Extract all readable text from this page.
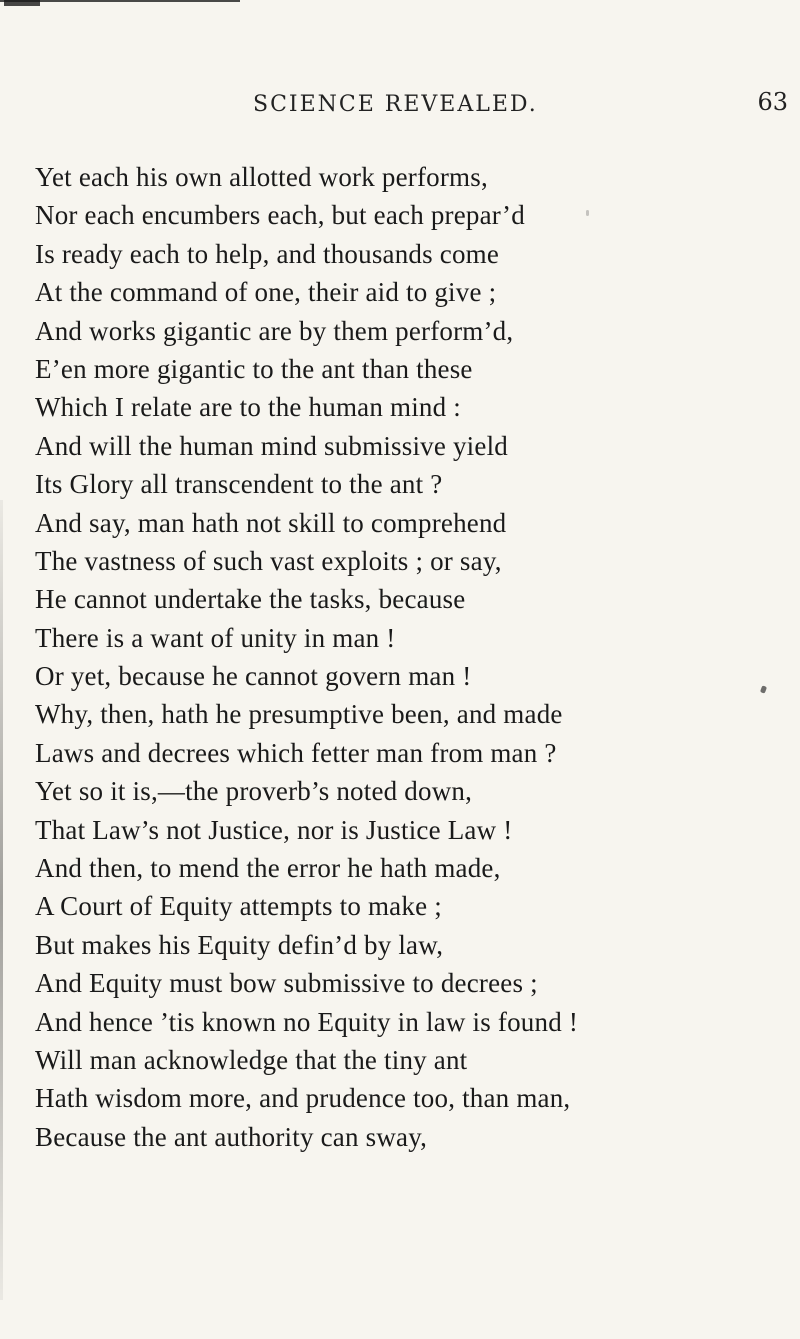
SCIENCE REVEALED.	63
Yet each his own allotted work performs,
Nor each encumbers each, but each prepar’d
Is ready each to help, and thousands come
At the command of one, their aid to give ;
And works gigantic are by them perform’d,
E’en more gigantic to the ant than these
Which I relate are to the human mind :
And will the human mind submissive yield
Its Glory all transcendent to the ant ?
And say, man hath not skill to comprehend
The vastness of such vast exploits ; or say,
He cannot undertake the tasks, because
There is a want of unity in man !
Or yet, because he cannot govern man !
Why, then, hath he presumptive been, and made
Laws and decrees which fetter man from man ?
Yet so it is,—the proverb’s noted down,
That Law’s not Justice, nor is Justice Law !
And then, to mend the error he hath made,
A Court of Equity attempts to make ;
But makes his Equity defin’d by law,
And Equity must bow submissive to decrees ;
And hence ’tis known no Equity in law is found !
Will man acknowledge that the tiny ant
Hath wisdom more, and prudence too, than man,
Because the ant authority can sway,
